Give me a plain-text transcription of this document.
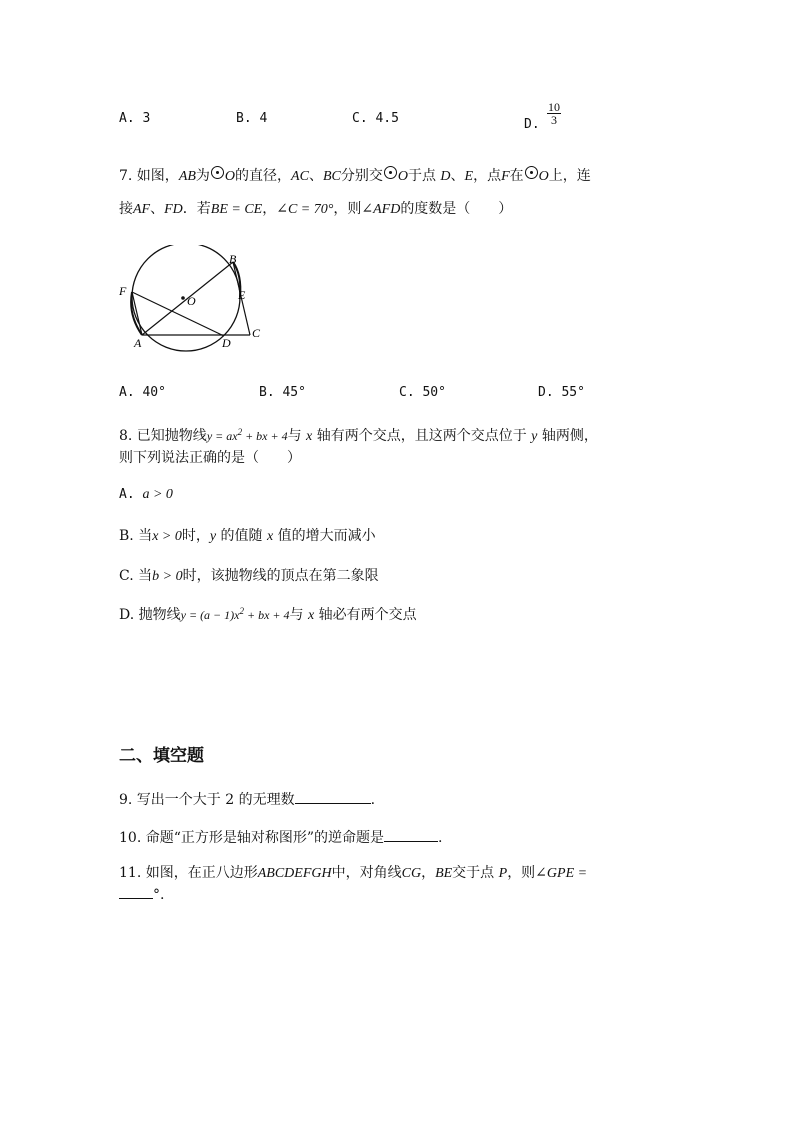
A. 3	B. 4	C. 4.5	D. $\frac{10}{3}$
7. 如图，AB为 O的直径，AC、BC分别交 O于点 D、E，点F在 O上，连
接AF、FD．若BE = CE，∠C = 70°，则∠AFD的度数是（　　）
B
E
C
D
A
F
O
A. 40°	B. 45°	C. 50°	D. 55°
8. 已知抛物线$y = ax^2$ + bx + 4与 x 轴有两个交点，且这两个交点位于 y 轴两侧，
则下列说法正确的是（　　）
A. a > 0
B. 当x > 0时，y 的值随 x 值的增大而减小
C. 当b > 0时，该抛物线的顶点在第二象限
D. 抛物线$y = (a - 1)x^2$ + bx + 4与 x 轴必有两个交点
二、填空题
9. 写出一个大于 2 的无理数	.
10. 命题“正方形是轴对称图形”的逆命题是	.
11. 如图，在正八边形ABCDEFGH中，对角线CG，BE交于点 P，则∠GPE =
°.
